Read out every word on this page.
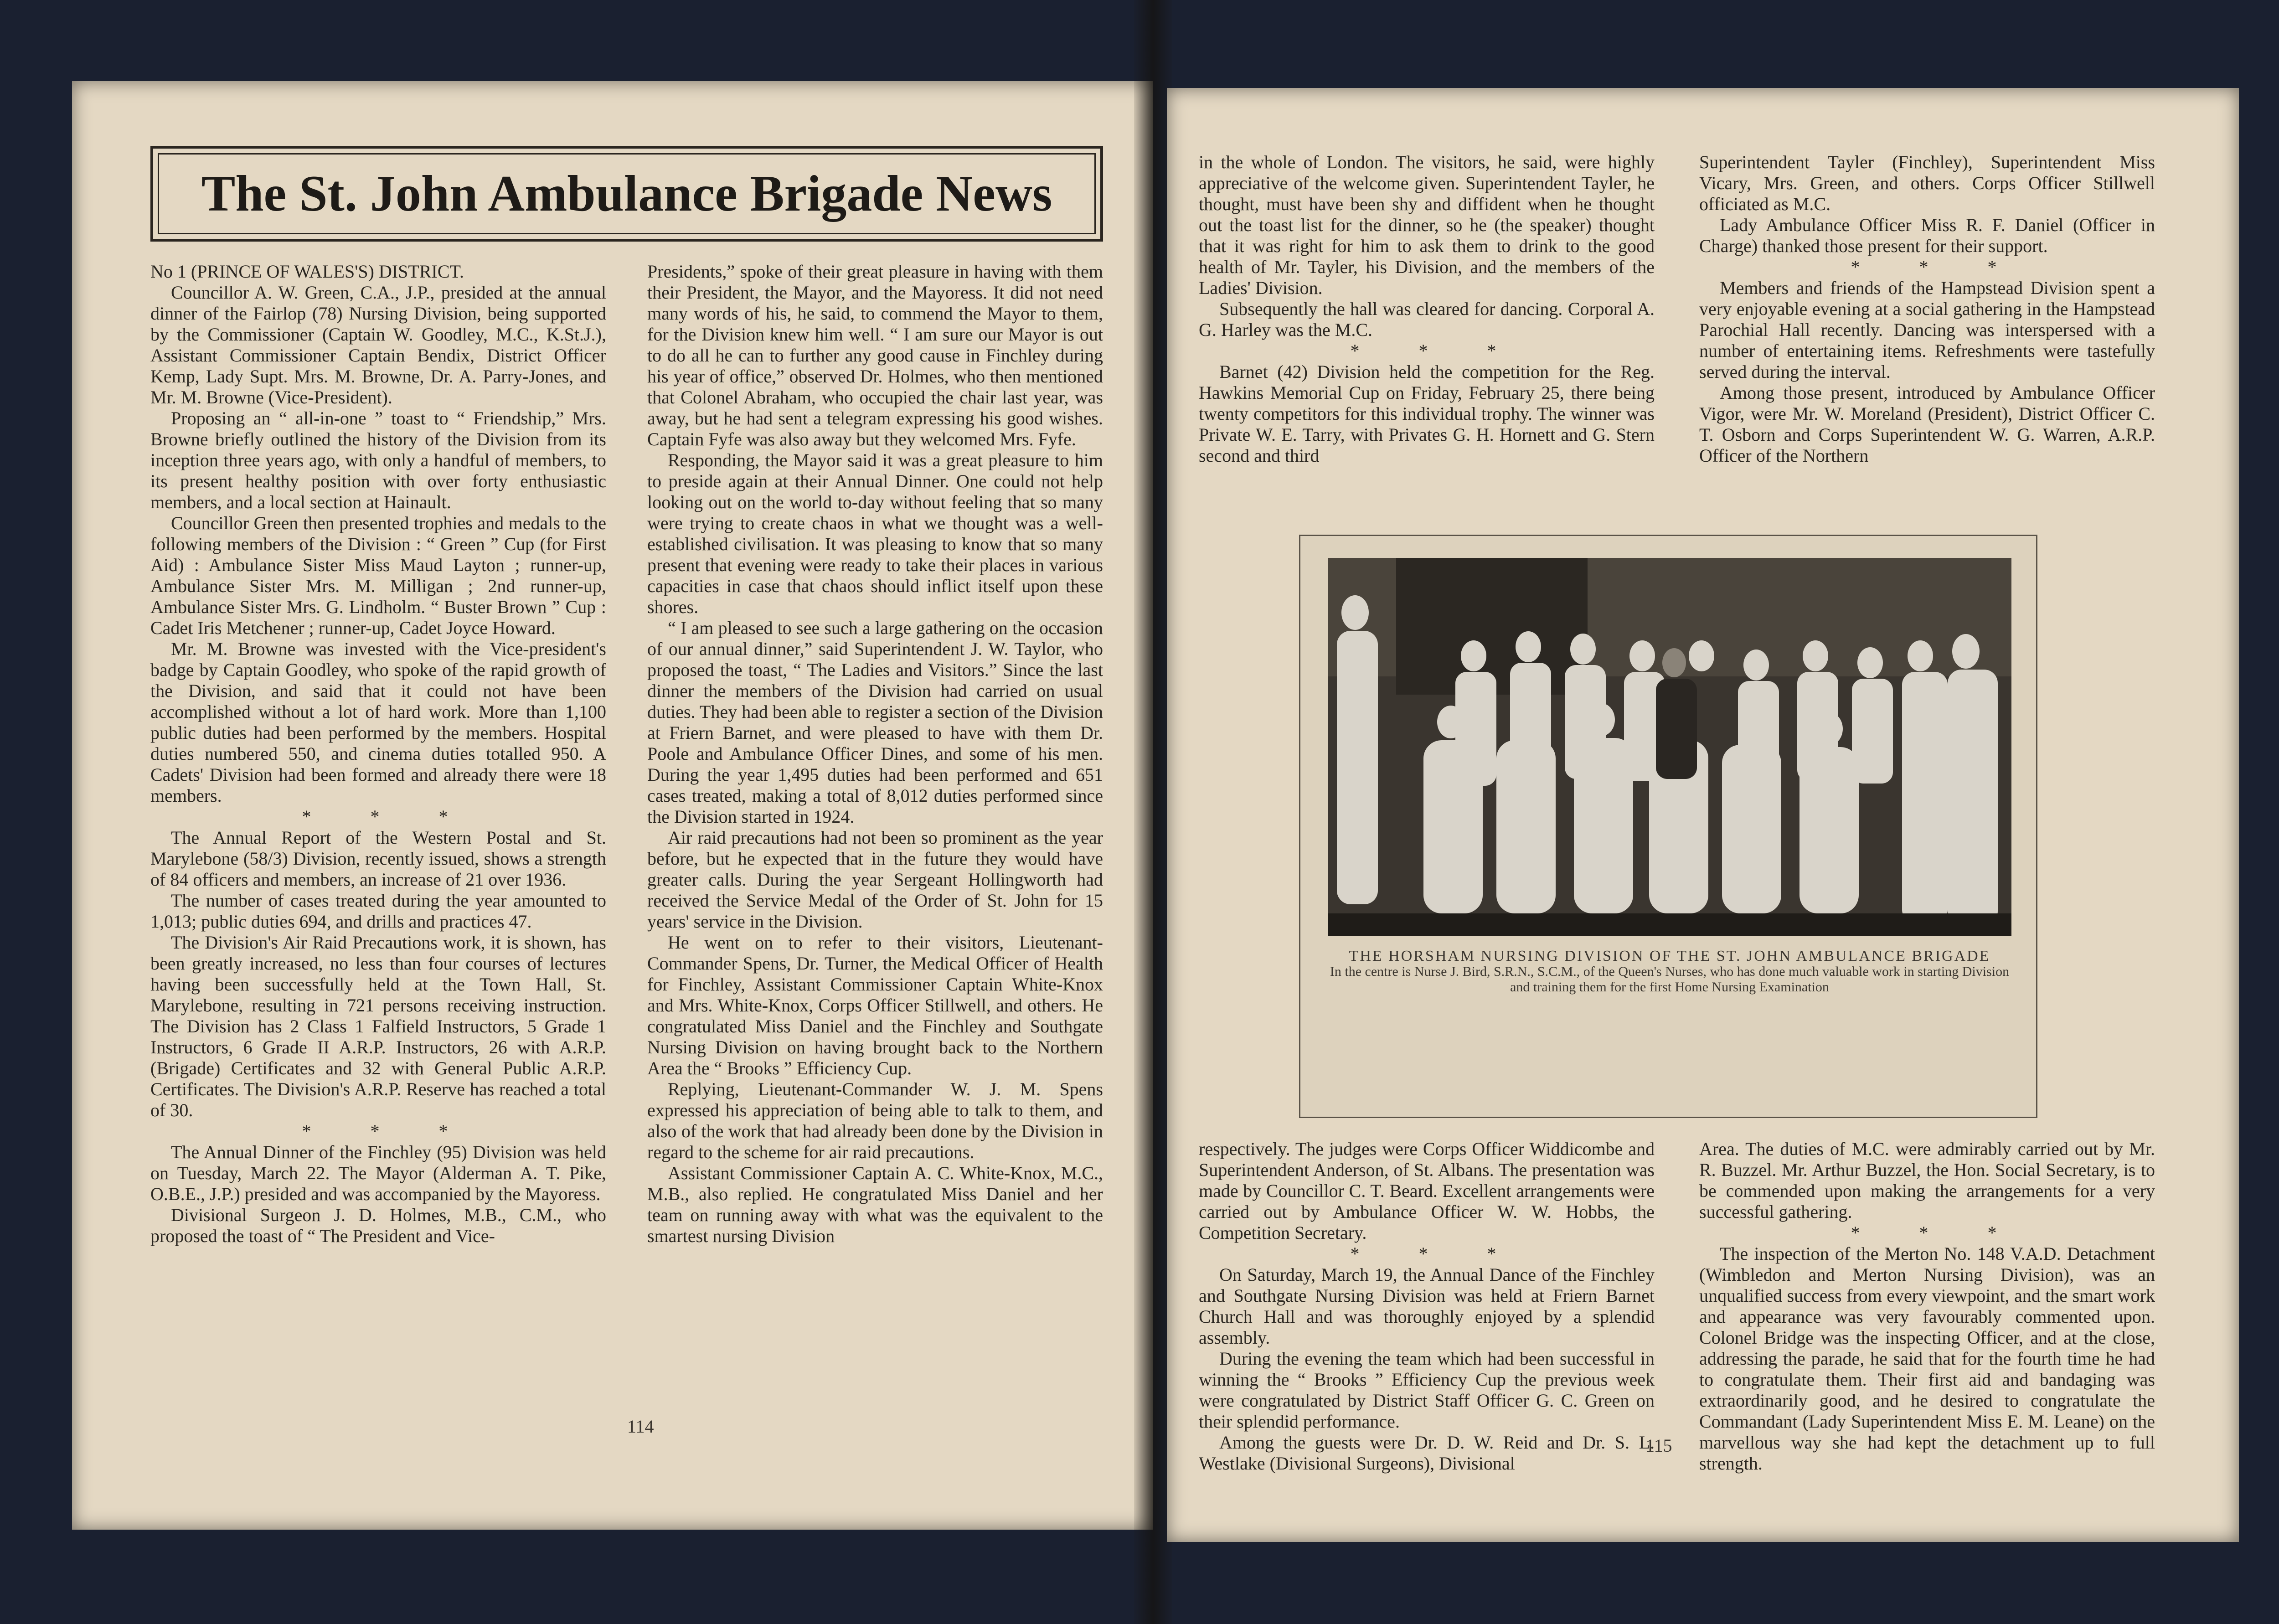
The St. John Ambulance Brigade News

No 1 (PRINCE OF WALES'S) DISTRICT.

Councillor A. W. Green, C.A., J.P., presided at the annual dinner of the Fairlop (78) Nursing Division, being supported by the Commissioner (Captain W. Goodley, M.C., K.St.J.), Assistant Commissioner Captain Bendix, District Officer Kemp, Lady Supt. Mrs. M. Browne, Dr. A. Parry-Jones, and Mr. M. Browne (Vice-President).

Proposing an “ all-in-one ” toast to “ Friendship,” Mrs. Browne briefly outlined the history of the Division from its inception three years ago, with only a handful of members, to its present healthy position with over forty enthusiastic members, and a local section at Hainault.

Councillor Green then presented trophies and medals to the following members of the Division : “ Green ” Cup (for First Aid) : Ambulance Sister Miss Maud Layton ; runner-up, Ambulance Sister Mrs. M. Milligan ; 2nd runner-up, Ambulance Sister Mrs. G. Lindholm. “ Buster Brown ” Cup : Cadet Iris Metchener ; runner-up, Cadet Joyce Howard.

Mr. M. Browne was invested with the Vice-president's badge by Captain Goodley, who spoke of the rapid growth of the Division, and said that it could not have been accomplished without a lot of hard work. More than 1,100 public duties had been performed by the members. Hospital duties numbered 550, and cinema duties totalled 950. A Cadets' Division had been formed and already there were 18 members.

* * *

The Annual Report of the Western Postal and St. Marylebone (58/3) Division, recently issued, shows a strength of 84 officers and members, an increase of 21 over 1936.

The number of cases treated during the year amounted to 1,013; public duties 694, and drills and practices 47.

The Division's Air Raid Precautions work, it is shown, has been greatly increased, no less than four courses of lectures having been successfully held at the Town Hall, St. Marylebone, resulting in 721 persons receiving instruction. The Division has 2 Class 1 Falfield Instructors, 5 Grade 1 Instructors, 6 Grade II A.R.P. Instructors, 26 with A.R.P. (Brigade) Certificates and 32 with General Public A.R.P. Certificates. The Division's A.R.P. Reserve has reached a total of 30.

* * *

The Annual Dinner of the Finchley (95) Division was held on Tuesday, March 22. The Mayor (Alderman A. T. Pike, O.B.E., J.P.) presided and was accompanied by the Mayoress.

Divisional Surgeon J. D. Holmes, M.B., C.M., who proposed the toast of “ The President and Vice-

Presidents,” spoke of their great pleasure in having with them their President, the Mayor, and the Mayoress. It did not need many words of his, he said, to commend the Mayor to them, for the Division knew him well. “ I am sure our Mayor is out to do all he can to further any good cause in Finchley during his year of office,” observed Dr. Holmes, who then mentioned that Colonel Abraham, who occupied the chair last year, was away, but he had sent a telegram expressing his good wishes. Captain Fyfe was also away but they welcomed Mrs. Fyfe.

Responding, the Mayor said it was a great pleasure to him to preside again at their Annual Dinner. One could not help looking out on the world to-day without feeling that so many were trying to create chaos in what we thought was a well-established civilisation. It was pleasing to know that so many present that evening were ready to take their places in various capacities in case that chaos should inflict itself upon these shores.

“ I am pleased to see such a large gathering on the occasion of our annual dinner,” said Superintendent J. W. Taylor, who proposed the toast, “ The Ladies and Visitors.” Since the last dinner the members of the Division had carried on usual duties. They had been able to register a section of the Division at Friern Barnet, and were pleased to have with them Dr. Poole and Ambulance Officer Dines, and some of his men. During the year 1,495 duties had been performed and 651 cases treated, making a total of 8,012 duties performed since the Division started in 1924.

Air raid precautions had not been so prominent as the year before, but he expected that in the future they would have greater calls. During the year Sergeant Hollingworth had received the Service Medal of the Order of St. John for 15 years' service in the Division.

He went on to refer to their visitors, Lieutenant-Commander Spens, Dr. Turner, the Medical Officer of Health for Finchley, Assistant Commissioner Captain White-Knox and Mrs. White-Knox, Corps Officer Stillwell, and others. He congratulated Miss Daniel and the Finchley and Southgate Nursing Division on having brought back to the Northern Area the “ Brooks ” Efficiency Cup.

Replying, Lieutenant-Commander W. J. M. Spens expressed his appreciation of being able to talk to them, and also of the work that had already been done by the Division in regard to the scheme for air raid precautions.

Assistant Commissioner Captain A. C. White-Knox, M.C., M.B., also replied. He congratulated Miss Daniel and her team on running away with what was the equivalent to the smartest nursing Division

114

in the whole of London. The visitors, he said, were highly appreciative of the welcome given. Superintendent Tayler, he thought, must have been shy and diffident when he thought out the toast list for the dinner, so he (the speaker) thought that it was right for him to ask them to drink to the good health of Mr. Tayler, his Division, and the members of the Ladies' Division.

Subsequently the hall was cleared for dancing. Corporal A. G. Harley was the M.C.

* * *

Barnet (42) Division held the competition for the Reg. Hawkins Memorial Cup on Friday, February 25, there being twenty competitors for this individual trophy. The winner was Private W. E. Tarry, with Privates G. H. Hornett and G. Stern second and third

Superintendent Tayler (Finchley), Superintendent Miss Vicary, Mrs. Green, and others. Corps Officer Stillwell officiated as M.C.

Lady Ambulance Officer Miss R. F. Daniel (Officer in Charge) thanked those present for their support.

* * *

Members and friends of the Hampstead Division spent a very enjoyable evening at a social gathering in the Hampstead Parochial Hall recently. Dancing was interspersed with a number of entertaining items. Refreshments were tastefully served during the interval.

Among those present, introduced by Ambulance Officer Vigor, were Mr. W. Moreland (President), District Officer C. T. Osborn and Corps Superintendent W. G. Warren, A.R.P. Officer of the Northern

THE HORSHAM NURSING DIVISION OF THE ST. JOHN AMBULANCE BRIGADE
In the centre is Nurse J. Bird, S.R.N., S.C.M., of the Queen's Nurses, who has done much valuable work in starting Division and training them for the first Home Nursing Examination

respectively. The judges were Corps Officer Widdicombe and Superintendent Anderson, of St. Albans. The presentation was made by Councillor C. T. Beard. Excellent arrangements were carried out by Ambulance Officer W. W. Hobbs, the Competition Secretary.

* * *

On Saturday, March 19, the Annual Dance of the Finchley and Southgate Nursing Division was held at Friern Barnet Church Hall and was thoroughly enjoyed by a splendid assembly.

During the evening the team which had been successful in winning the “ Brooks ” Efficiency Cup the previous week were congratulated by District Staff Officer G. C. Green on their splendid performance.

Among the guests were Dr. D. W. Reid and Dr. S. L. Westlake (Divisional Surgeons), Divisional

Area. The duties of M.C. were admirably carried out by Mr. R. Buzzel. Mr. Arthur Buzzel, the Hon. Social Secretary, is to be commended upon making the arrangements for a very successful gathering.

* * *

The inspection of the Merton No. 148 V.A.D. Detachment (Wimbledon and Merton Nursing Division), was an unqualified success from every viewpoint, and the smart work and appearance was very favourably commented upon. Colonel Bridge was the inspecting Officer, and at the close, addressing the parade, he said that for the fourth time he had to congratulate them. Their first aid and bandaging was extraordinarily good, and he desired to congratulate the Commandant (Lady Superintendent Miss E. M. Leane) on the marvellous way she had kept the detachment up to full strength.

115
